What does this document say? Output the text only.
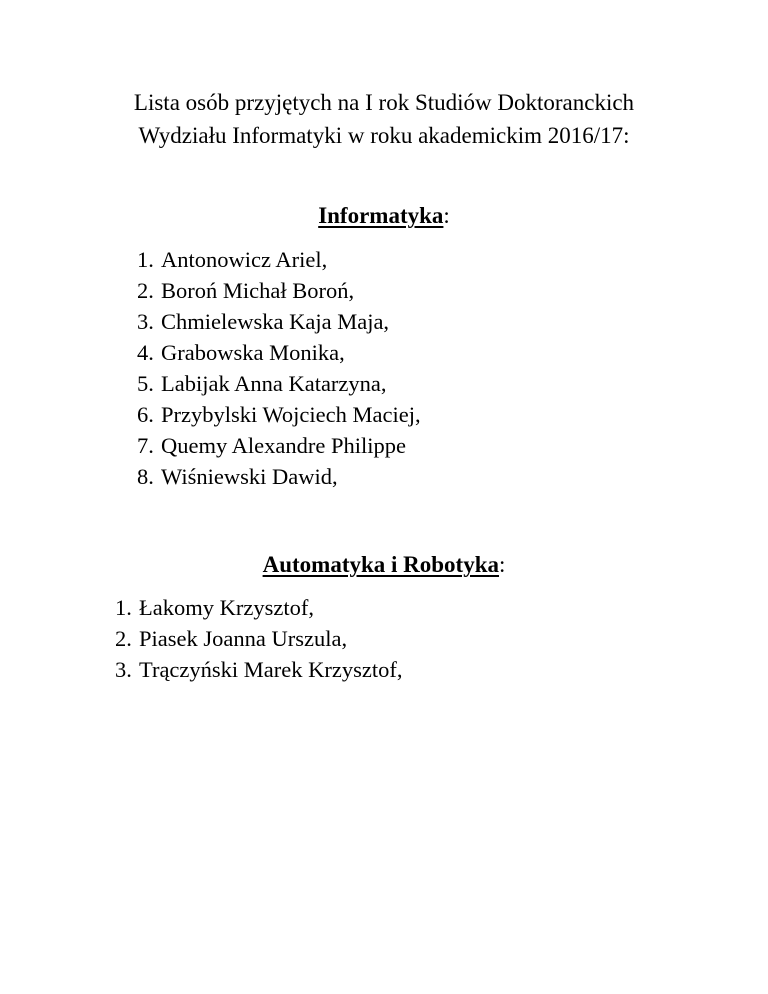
Lista osób przyjętych na I rok Studiów Doktoranckich
Wydziału Informatyki w roku akademickim 2016/17:
Informatyka:
1. Antonowicz Ariel,
2. Boroń Michał Boroń,
3. Chmielewska Kaja Maja,
4. Grabowska Monika,
5. Labijak Anna Katarzyna,
6. Przybylski Wojciech Maciej,
7. Quemy Alexandre Philippe
8. Wiśniewski Dawid,
Automatyka i Robotyka:
1. Łakomy Krzysztof,
2. Piasek Joanna Urszula,
3. Trączyński Marek Krzysztof,
